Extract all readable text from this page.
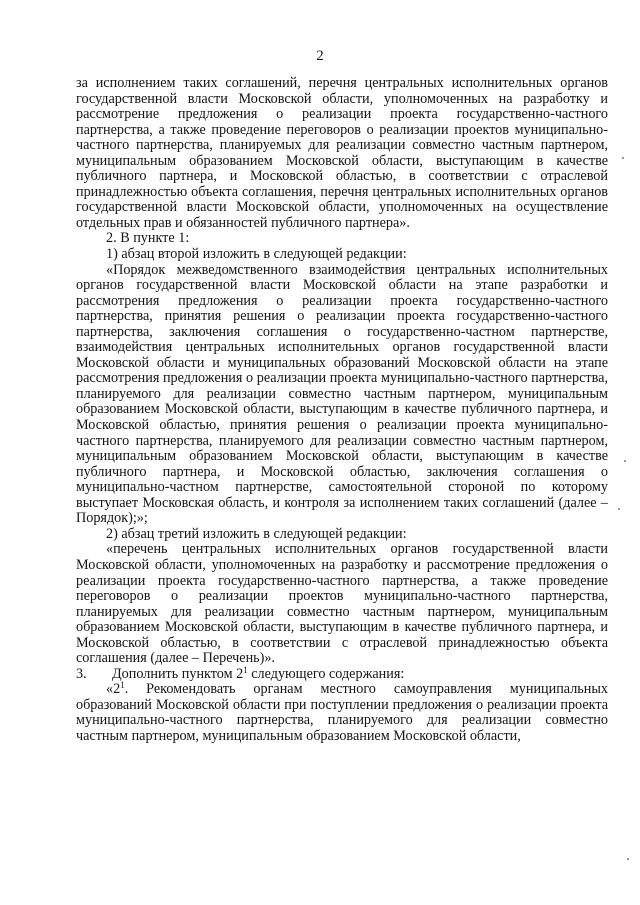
2

за исполнением таких соглашений, перечня центральных исполнительных органов государственной власти Московской области, уполномоченных на разработку и рассмотрение предложения о реализации проекта государственно-частного партнерства, а также проведение переговоров о реализации проектов муниципально-частного партнерства, планируемых для реализации совместно частным партнером, муниципальным образованием Московской области, выступающим в качестве публичного партнера, и Московской областью, в соответствии с отраслевой принадлежностью объекта соглашения, перечня центральных исполнительных органов государственной власти Московской области, уполномоченных на осуществление отдельных прав и обязанностей публичного партнера».

2. В пункте 1:

1) абзац второй изложить в следующей редакции:

«Порядок межведомственного взаимодействия центральных исполнительных органов государственной власти Московской области на этапе разработки и рассмотрения предложения о реализации проекта государственно-частного партнерства, принятия решения о реализации проекта государственно-частного партнерства, заключения соглашения о государственно-частном партнерстве, взаимодействия центральных исполнительных органов государственной власти Московской области и муниципальных образований Московской области на этапе рассмотрения предложения о реализации проекта муниципально-частного партнерства, планируемого для реализации совместно частным партнером, муниципальным образованием Московской области, выступающим в качестве публичного партнера, и Московской областью, принятия решения о реализации проекта муниципально-частного партнерства, планируемого для реализации совместно частным партнером, муниципальным образованием Московской области, выступающим в качестве публичного партнера, и Московской областью, заключения соглашения о муниципально-частном партнерстве, самостоятельной стороной по которому выступает Московская область, и контроля за исполнением таких соглашений (далее – Порядок);»;

2) абзац третий изложить в следующей редакции:

«перечень центральных исполнительных органов государственной власти Московской области, уполномоченных на разработку и рассмотрение предложения о реализации проекта государственно-частного партнерства, а также проведение переговоров о реализации проектов муниципально-частного партнерства, планируемых для реализации совместно частным партнером, муниципальным образованием Московской области, выступающим в качестве публичного партнера, и Московской областью, в соответствии с отраслевой принадлежностью объекта соглашения (далее – Перечень)».

3. Дополнить пунктом $2^1$ следующего содержания:

«$2^1$. Рекомендовать органам местного самоуправления муниципальных образований Московской области при поступлении предложения о реализации проекта муниципально-частного партнерства, планируемого для реализации совместно частным партнером, муниципальным образованием Московской области,
